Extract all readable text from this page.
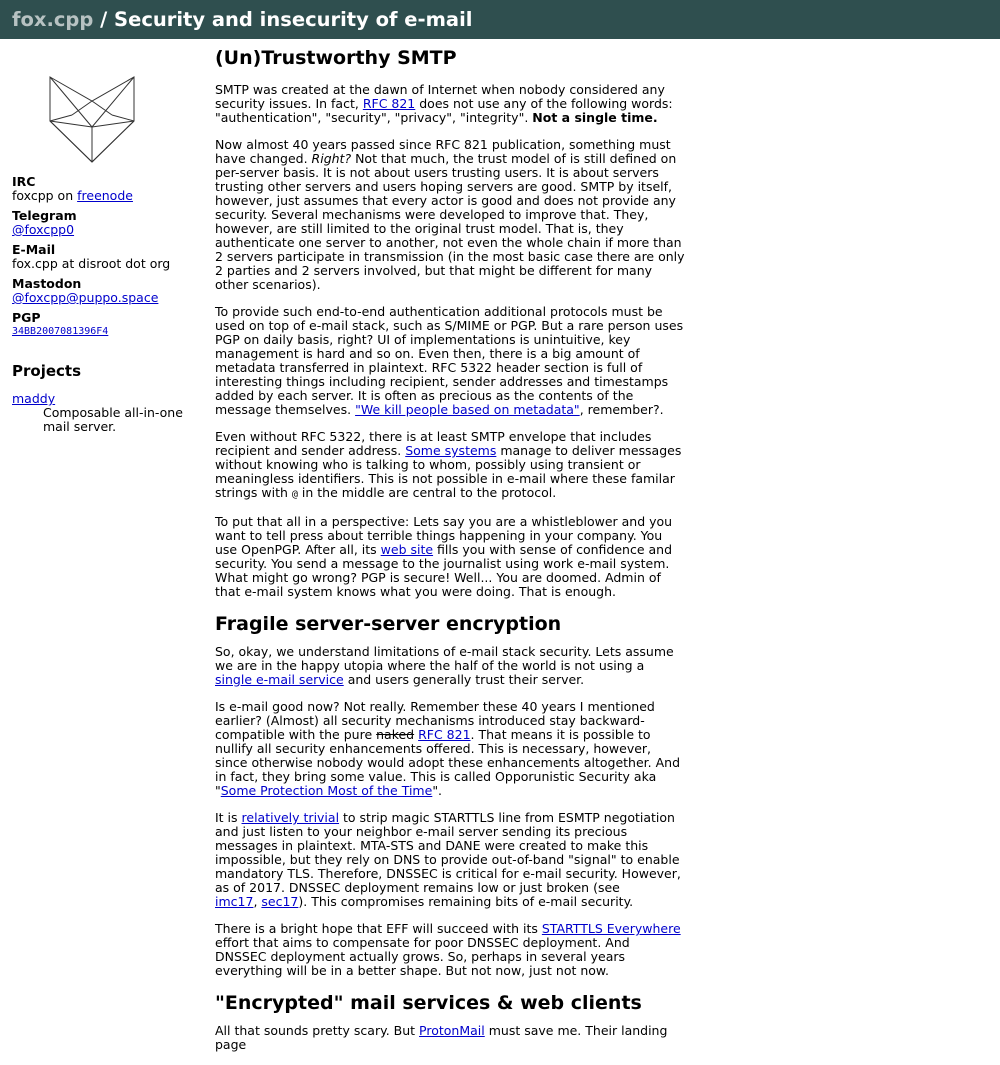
fox.cpp / Security and insecurity of e-mail
IRC
foxcpp on freenode
Telegram
@foxcpp0
E-Mail
fox.cpp at disroot dot org
Mastodon
@foxcpp@puppo.space
PGP
34BB2007081396F4
Projects
maddy
Composable all-in-one mail server.
(Un)Trustworthy SMTP

SMTP was created at the dawn of Internet when nobody considered any security issues. In fact, RFC 821 does not use any of the following words: "authentication", "security", "privacy", "integrity". Not a single time.

Now almost 40 years passed since RFC 821 publication, something must have changed. Right? Not that much, the trust model of is still defined on per-server basis. It is not about users trusting users. It is about servers trusting other servers and users hoping servers are good. SMTP by itself, however, just assumes that every actor is good and does not provide any security. Several mechanisms were developed to improve that. They, however, are still limited to the original trust model. That is, they authenticate one server to another, not even the whole chain if more than 2 servers participate in transmission (in the most basic case there are only 2 parties and 2 servers involved, but that might be different for many other scenarios).

To provide such end-to-end authentication additional protocols must be used on top of e-mail stack, such as S/MIME or PGP. But a rare person uses PGP on daily basis, right? UI of implementations is unintuitive, key management is hard and so on. Even then, there is a big amount of metadata transferred in plaintext. RFC 5322 header section is full of interesting things including recipient, sender addresses and timestamps added by each server. It is often as precious as the contents of the message themselves. "We kill people based on metadata", remember?.

Even without RFC 5322, there is at least SMTP envelope that includes recipient and sender address. Some systems manage to deliver messages without knowing who is talking to whom, possibly using transient or meaningless identifiers. This is not possible in e-mail where these familar strings with @ in the middle are central to the protocol.

To put that all in a perspective: Lets say you are a whistleblower and you want to tell press about terrible things happening in your company. You use OpenPGP. After all, its web site fills you with sense of confidence and security. You send a message to the journalist using work e-mail system. What might go wrong? PGP is secure! Well... You are doomed. Admin of that e-mail system knows what you were doing. That is enough.

Fragile server-server encryption

So, okay, we understand limitations of e-mail stack security. Lets assume we are in the happy utopia where the half of the world is not using a single e-mail service and users generally trust their server.

Is e-mail good now? Not really. Remember these 40 years I mentioned earlier? (Almost) all security mechanisms introduced stay backward-compatible with the pure naked RFC 821. That means it is possible to nullify all security enhancements offered. This is necessary, however, since otherwise nobody would adopt these enhancements altogether. And in fact, they bring some value. This is called Opporunistic Security aka "Some Protection Most of the Time".

It is relatively trivial to strip magic STARTTLS line from ESMTP negotiation and just listen to your neighbor e-mail server sending its precious messages in plaintext. MTA-STS and DANE were created to make this impossible, but they rely on DNS to provide out-of-band "signal" to enable mandatory TLS. Therefore, DNSSEC is critical for e-mail security. However, as of 2017. DNSSEC deployment remains low or just broken (see imc17, sec17). This compromises remaining bits of e-mail security.

There is a bright hope that EFF will succeed with its STARTTLS Everywhere effort that aims to compensate for poor DNSSEC deployment. And DNSSEC deployment actually grows. So, perhaps in several years everything will be in a better shape. But not now, just not now.

"Encrypted" mail services & web clients

All that sounds pretty scary. But ProtonMail must save me. Their landing page
